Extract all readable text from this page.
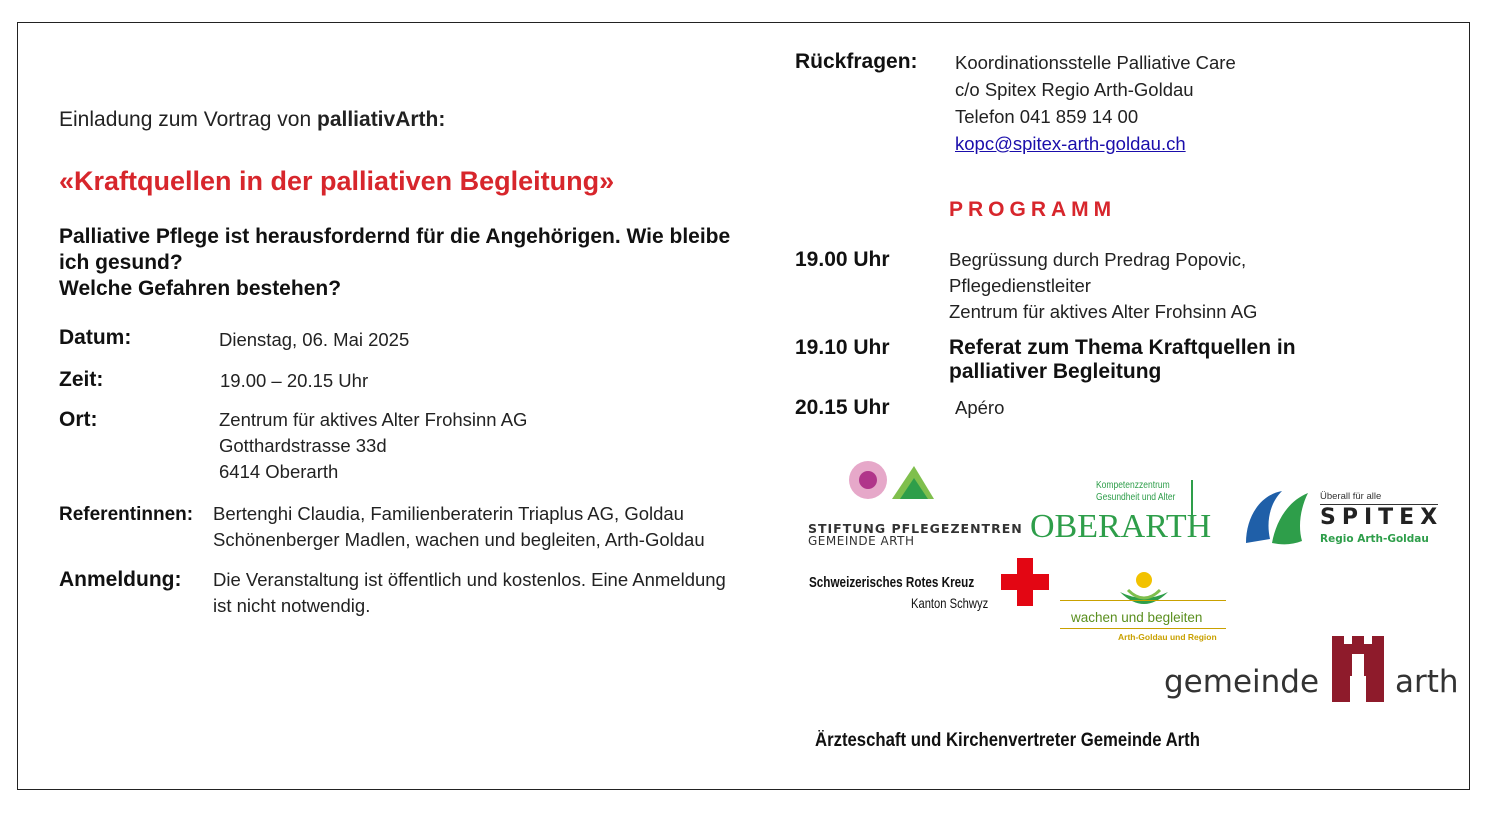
Einladung zum Vortrag von palliativArth:
«Kraftquellen in der palliativen Begleitung»
Palliative Pflege ist herausfordernd für die Angehörigen. Wie bleibe ich gesund?
Welche Gefahren bestehen?
Datum:	Dienstag, 06. Mai 2025
Zeit:	19.00 – 20.15 Uhr
Ort:	Zentrum für aktives Alter Frohsinn AG
Gotthardstrasse 33d
6414 Oberarth
Referentinnen: Bertenghi Claudia, Familienberaterin Triaplus AG, Goldau
Schönenberger Madlen, wachen und begleiten, Arth-Goldau
Anmeldung: Die Veranstaltung ist öffentlich und kostenlos. Eine Anmeldung
ist nicht notwendig.
Rückfragen: Koordinationsstelle Palliative Care
c/o Spitex Regio Arth-Goldau
Telefon 041 859 14 00
kopc@spitex-arth-goldau.ch
PROGRAMM
19.00 Uhr	Begrüssung durch Predrag Popovic,
Pflegedienstleiter
Zentrum für aktives Alter Frohsinn AG
19.10 Uhr	Referat zum Thema Kraftquellen in
palliativer Begleitung
20.15 Uhr	Apéro
STIFTUNG PFLEGEZENTREN
GEMEINDE ARTH
Kompetenzzentrum
Gesundheit und Alter
OBERARTH
Überall für alle
SPITEX
Regio Arth-Goldau
Schweizerisches Rotes Kreuz
Kanton Schwyz
wachen und begleiten
Arth-Goldau und Region
gemeinde arth
Ärzteschaft und Kirchenvertreter Gemeinde Arth
